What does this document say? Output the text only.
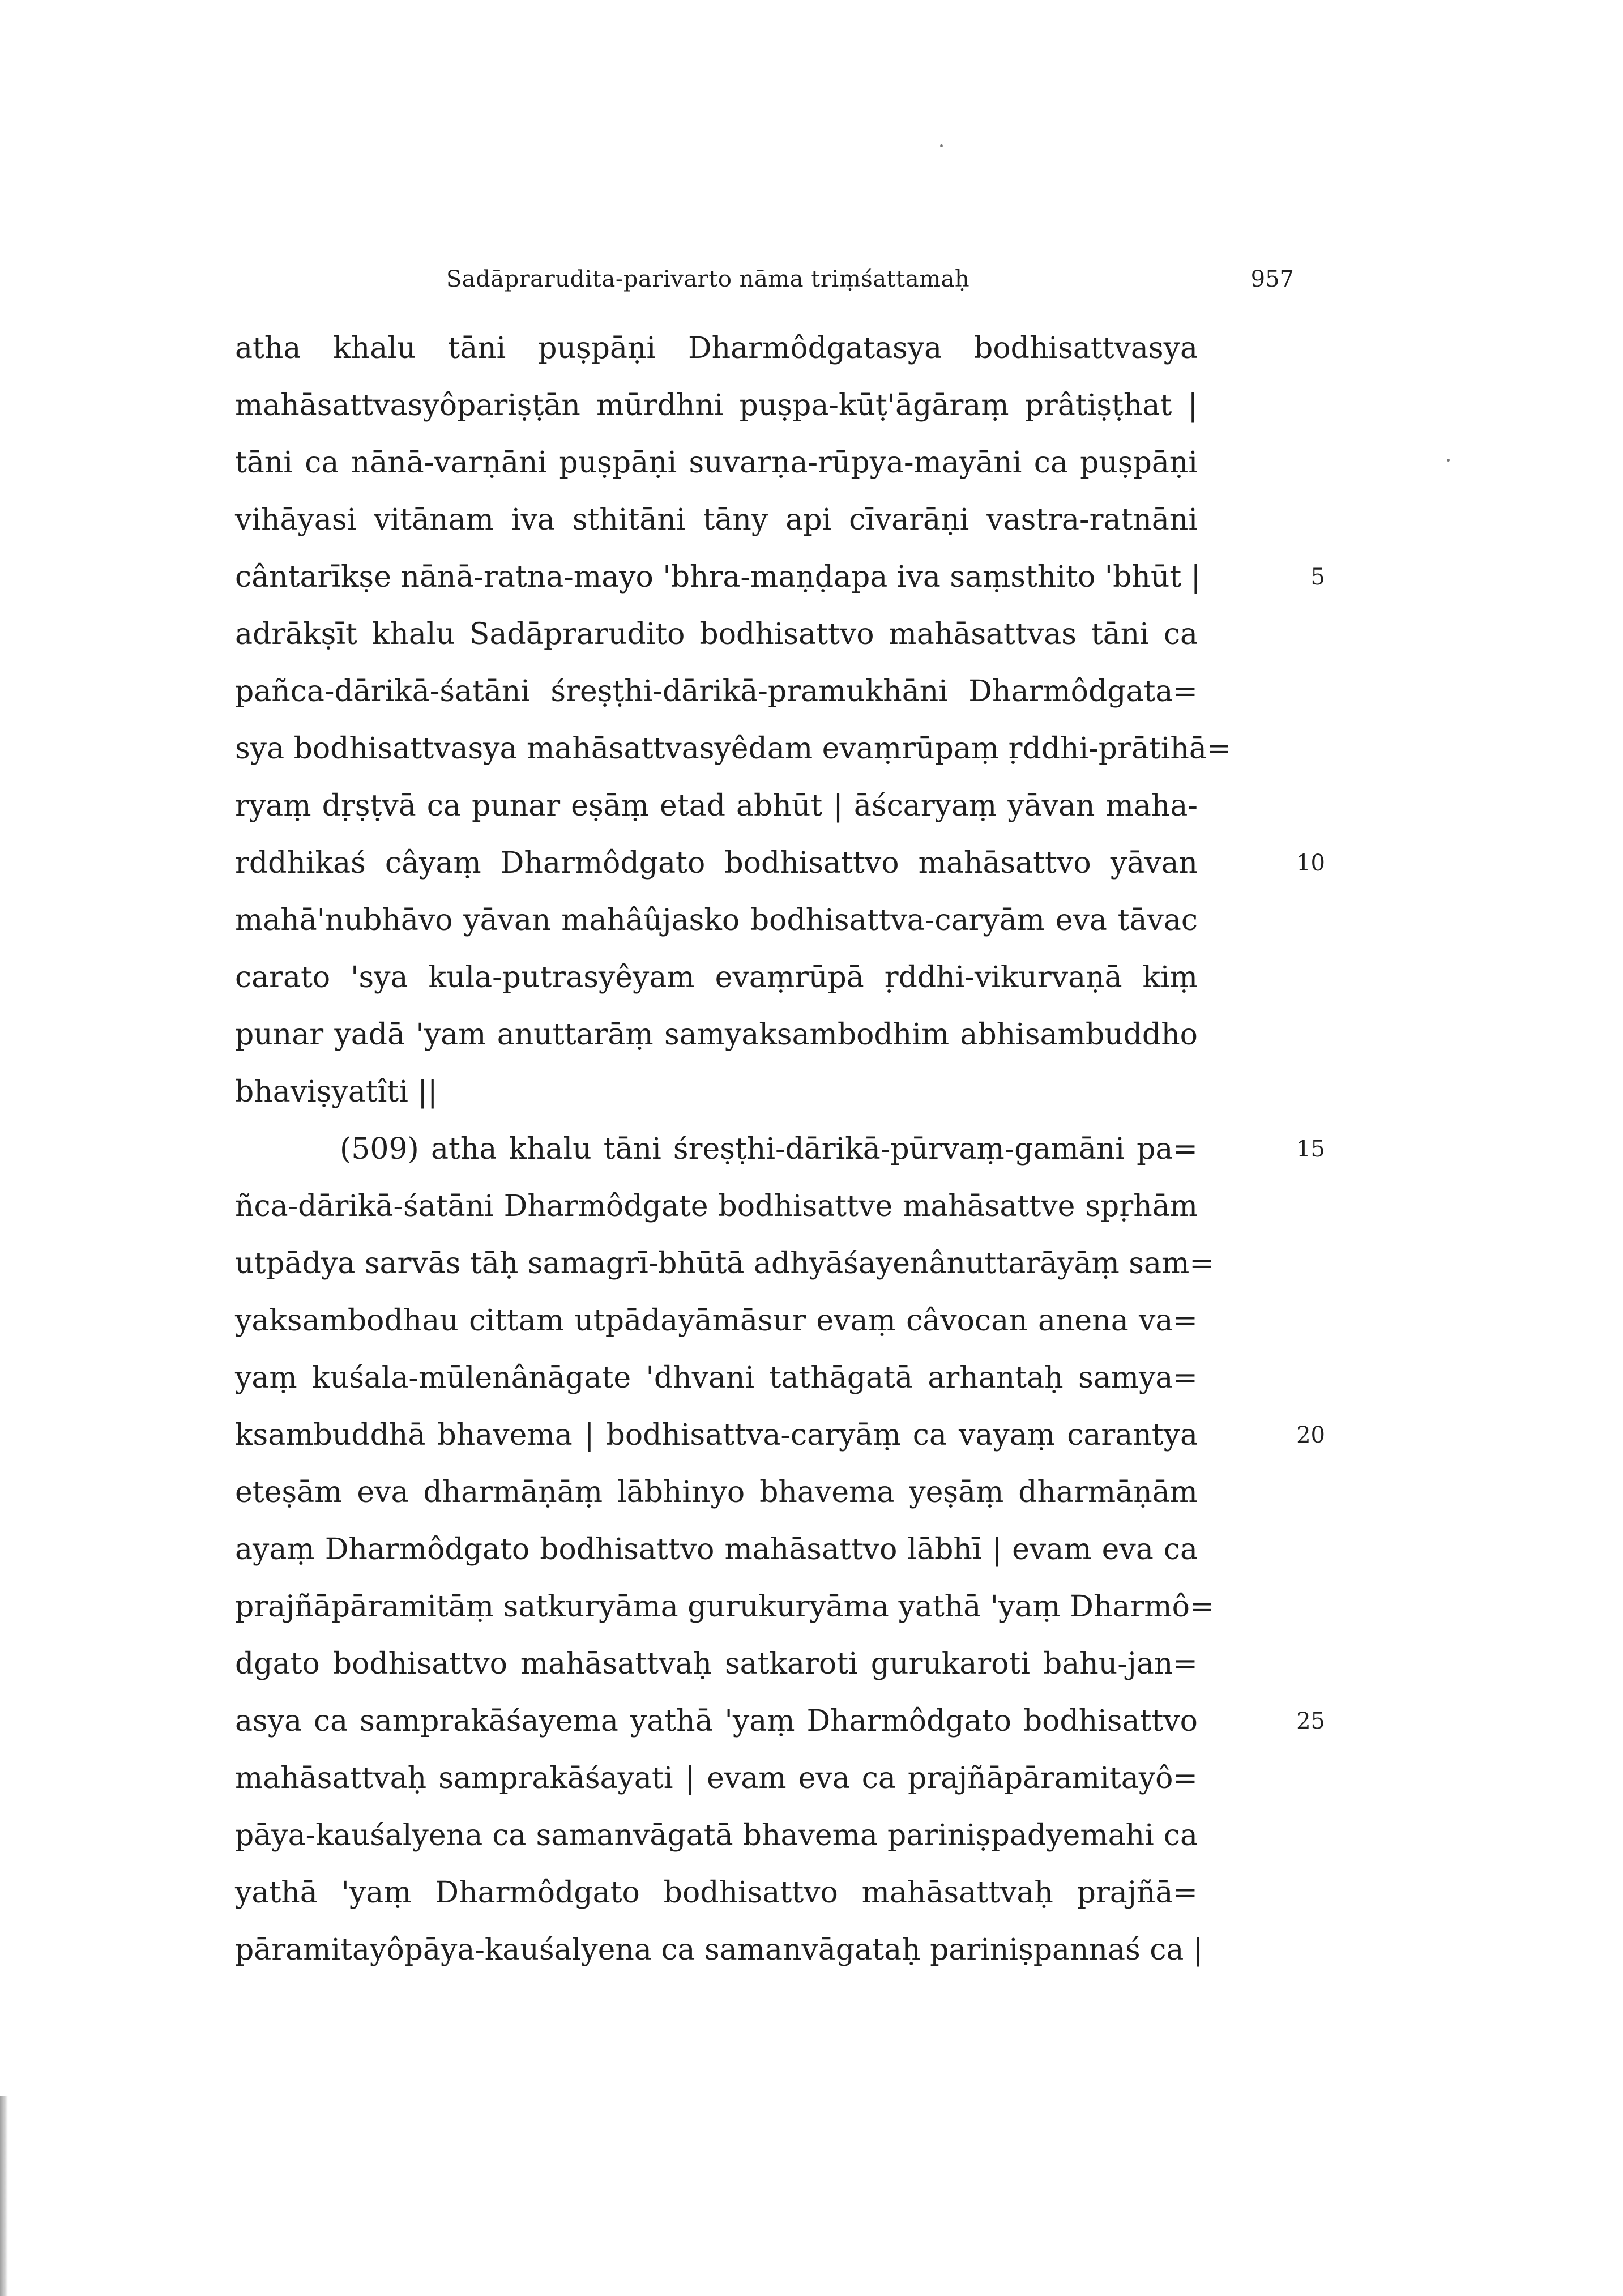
Sadāprarudita-parivarto nāma triṃśattamaḥ	957
atha khalu tāni puṣpāṇi Dharmôdgatasya bodhisattvasya
mahāsattvasyôpariṣṭān mūrdhni puṣpa-kūṭ'āgāraṃ prâtiṣṭhat |
tāni ca nānā-varṇāni puṣpāṇi suvarṇa-rūpya-mayāni ca puṣpāṇi
vihāyasi vitānam iva sthitāni tāny api cīvarāṇi vastra-ratnāni
cântarīkṣe nānā-ratna-mayo 'bhra-maṇḍapa iva saṃsthito 'bhūt |
adrākṣīt khalu Sadāprarudito bodhisattvo mahāsattvas tāni ca
pañca-dārikā-śatāni śreṣṭhi-dārikā-pramukhāni Dharmôdgata=
sya bodhisattvasya mahāsattvasyêdam evaṃrūpaṃ ṛddhi-prātihā=
ryaṃ dṛṣṭvā ca punar eṣāṃ etad abhūt | āścaryaṃ yāvan maha-
rddhikaś câyaṃ Dharmôdgato bodhisattvo mahāsattvo yāvan
mahā'nubhāvo yāvan mahâûjasko bodhisattva-caryām eva tāvac
carato 'sya kula-putrasyêyam evaṃrūpā ṛddhi-vikurvaṇā kiṃ
punar yadā 'yam anuttarāṃ samyaksambodhim abhisambuddho
bhaviṣyatîti ||
(509) atha khalu tāni śreṣṭhi-dārikā-pūrvaṃ-gamāni pa=
ñca-dārikā-śatāni Dharmôdgate bodhisattve mahāsattve spṛhām
utpādya sarvās tāḥ samagrī-bhūtā adhyāśayenânuttarāyāṃ sam=
yaksambodhau cittam utpādayāmāsur evaṃ câvocan anena va=
yaṃ kuśala-mūlenânāgate 'dhvani tathāgatā arhantaḥ samya=
ksambuddhā bhavema | bodhisattva-caryāṃ ca vayaṃ carantya
eteṣām eva dharmāṇāṃ lābhinyo bhavema yeṣāṃ dharmāṇām
ayaṃ Dharmôdgato bodhisattvo mahāsattvo lābhī | evam eva ca
prajñāpāramitāṃ satkuryāma gurukuryāma yathā 'yaṃ Dharmô=
dgato bodhisattvo mahāsattvaḥ satkaroti gurukaroti bahu-jan=
asya ca samprakāśayema yathā 'yaṃ Dharmôdgato bodhisattvo
mahāsattvaḥ samprakāśayati | evam eva ca prajñāpāramitayô=
pāya-kauśalyena ca samanvāgatā bhavema pariniṣpadyemahi ca
yathā 'yaṃ Dharmôdgato bodhisattvo mahāsattvaḥ prajñā=
pāramitayôpāya-kauśalyena ca samanvāgataḥ pariniṣpannaś ca |
5
10
15
20
25
